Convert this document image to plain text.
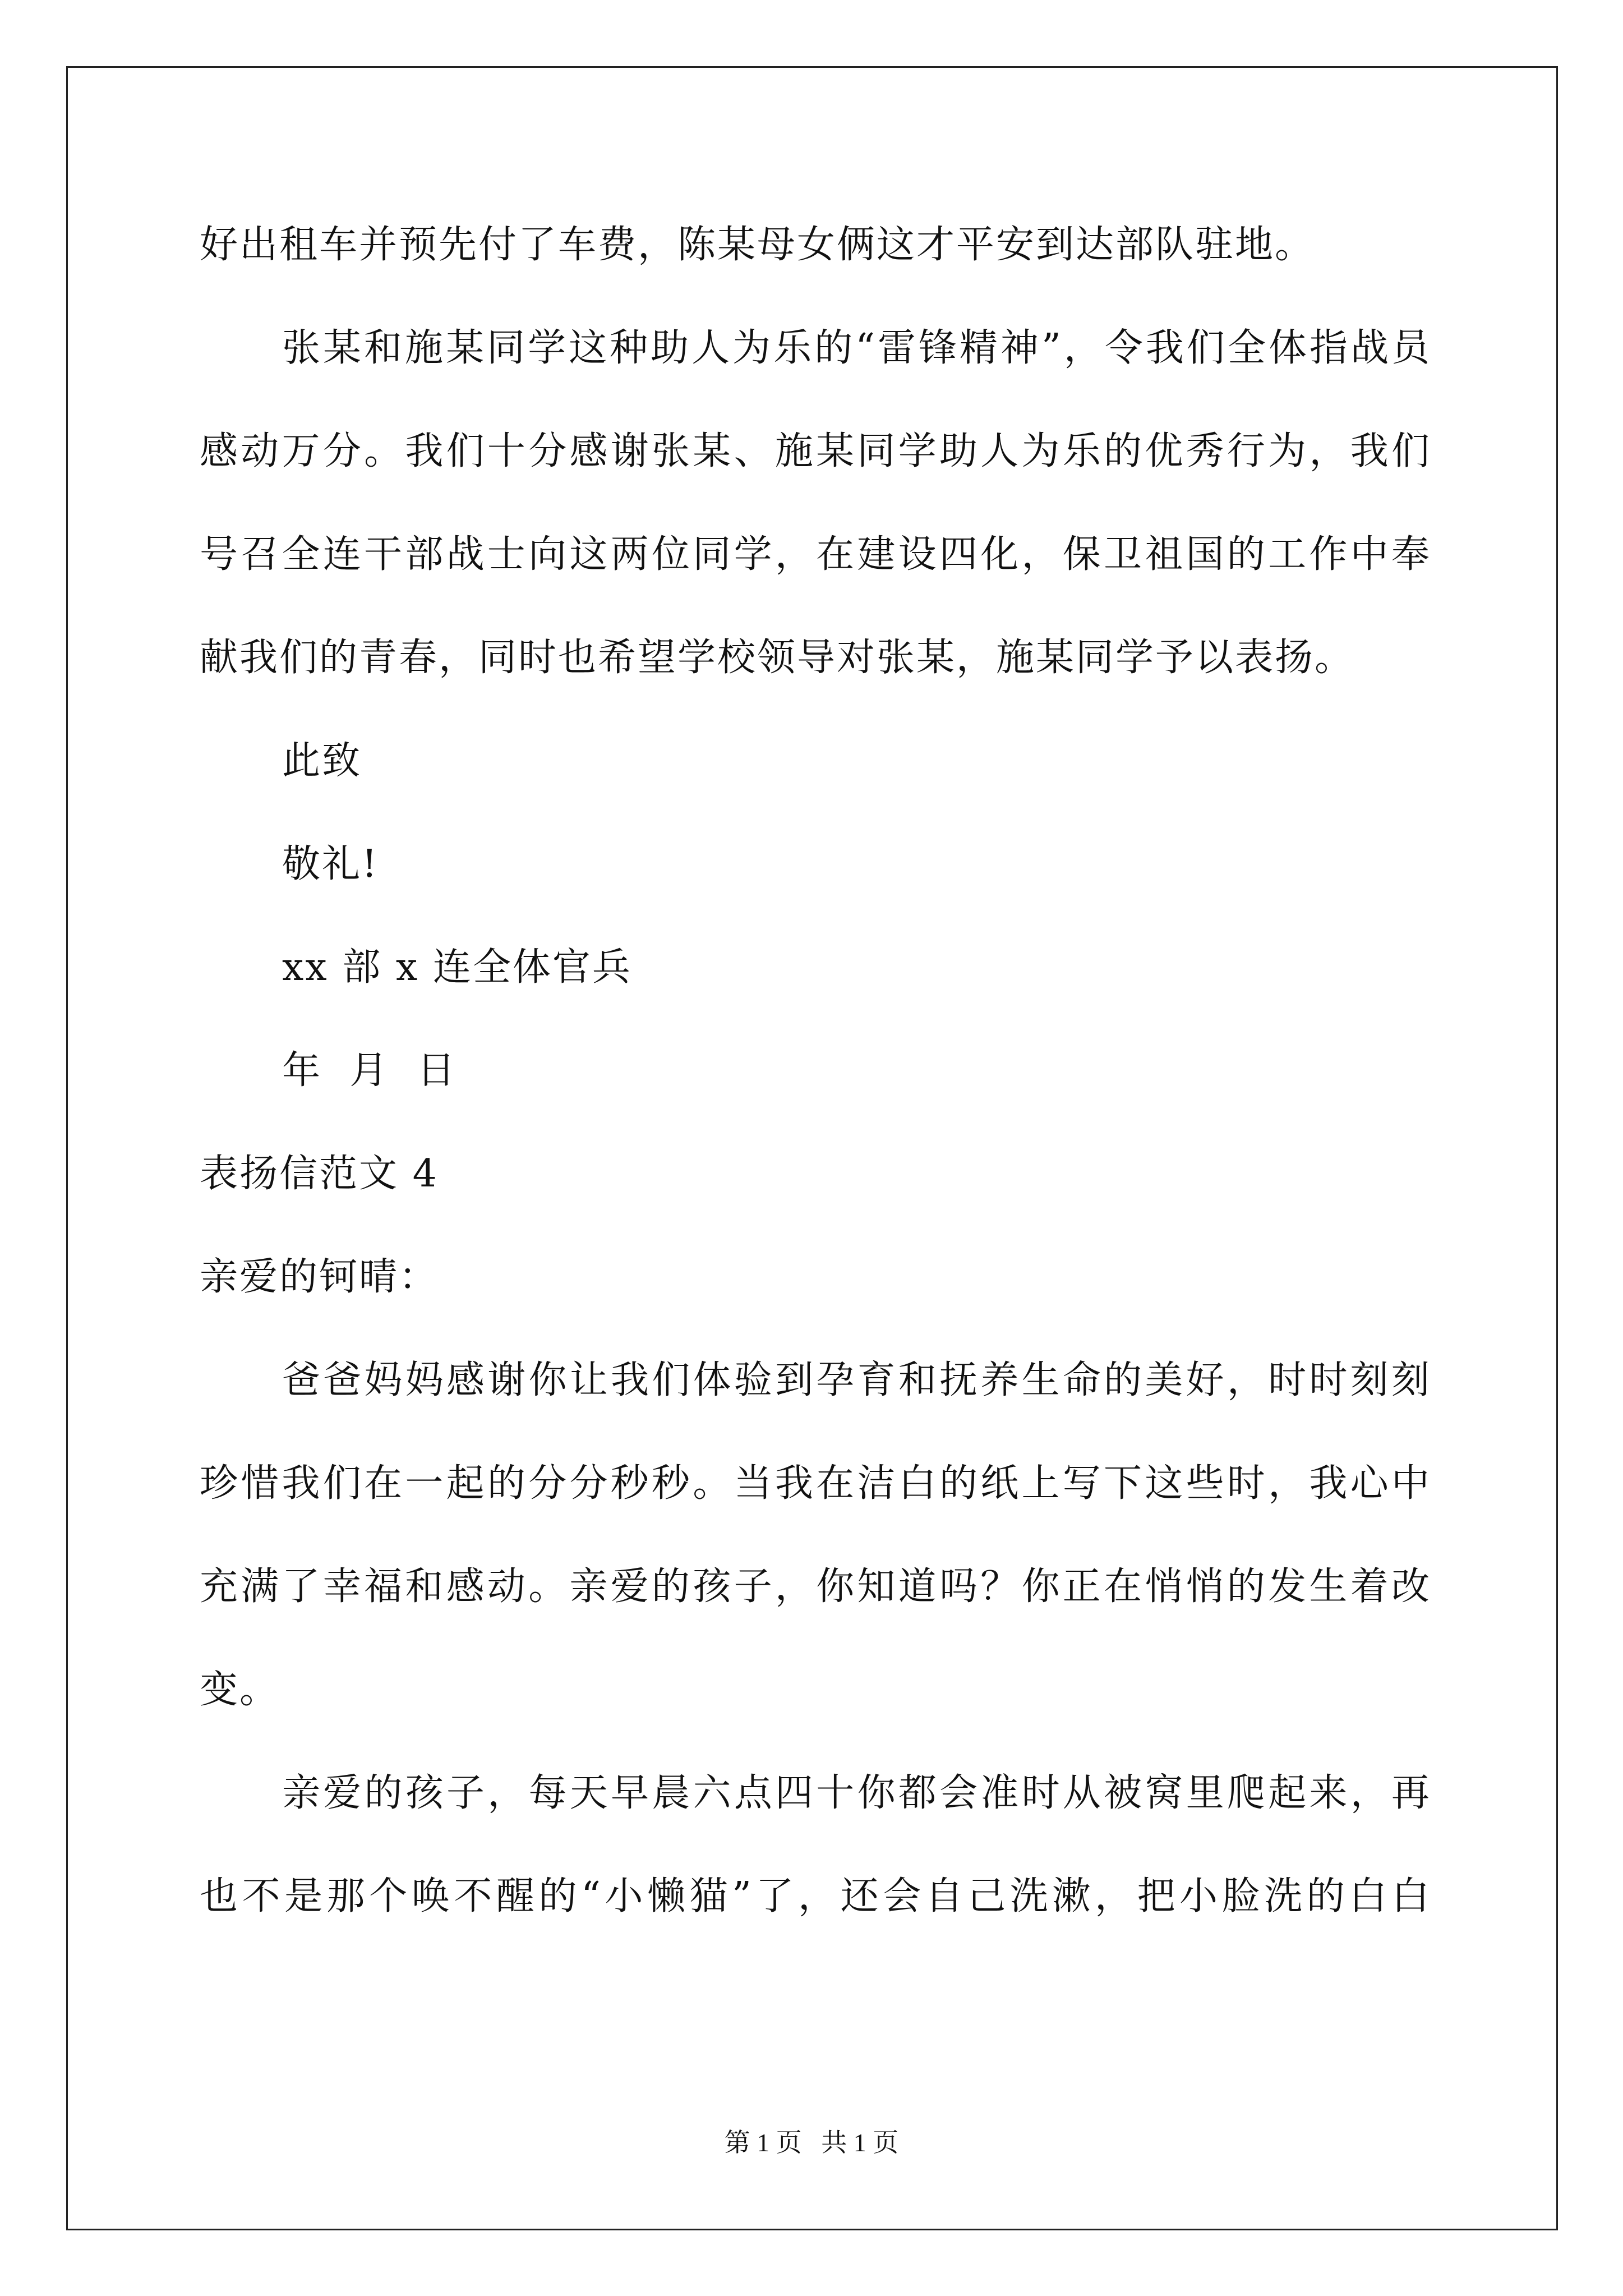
好出租车并预先付了车费，陈某母女俩这才平安到达部队驻地。
张某和施某同学这种助人为乐的“雷锋精神”，令我们全体指战员
感动万分。我们十分感谢张某、施某同学助人为乐的优秀行为，我们
号召全连干部战士向这两位同学，在建设四化，保卫祖国的工作中奉
献我们的青春，同时也希望学校领导对张某，施某同学予以表扬。
此致
敬礼!
xx 部 x 连全体官兵
年  月  日
表扬信范文 4
亲爱的钶晴：
爸爸妈妈感谢你让我们体验到孕育和抚养生命的美好，时时刻刻
珍惜我们在一起的分分秒秒。当我在洁白的纸上写下这些时，我心中
充满了幸福和感动。亲爱的孩子，你知道吗？你正在悄悄的发生着改
变。
亲爱的孩子，每天早晨六点四十你都会准时从被窝里爬起来，再
也不是那个唤不醒的“小懒猫”了，还会自己洗漱，把小脸洗的白白
第 1 页   共 1 页
